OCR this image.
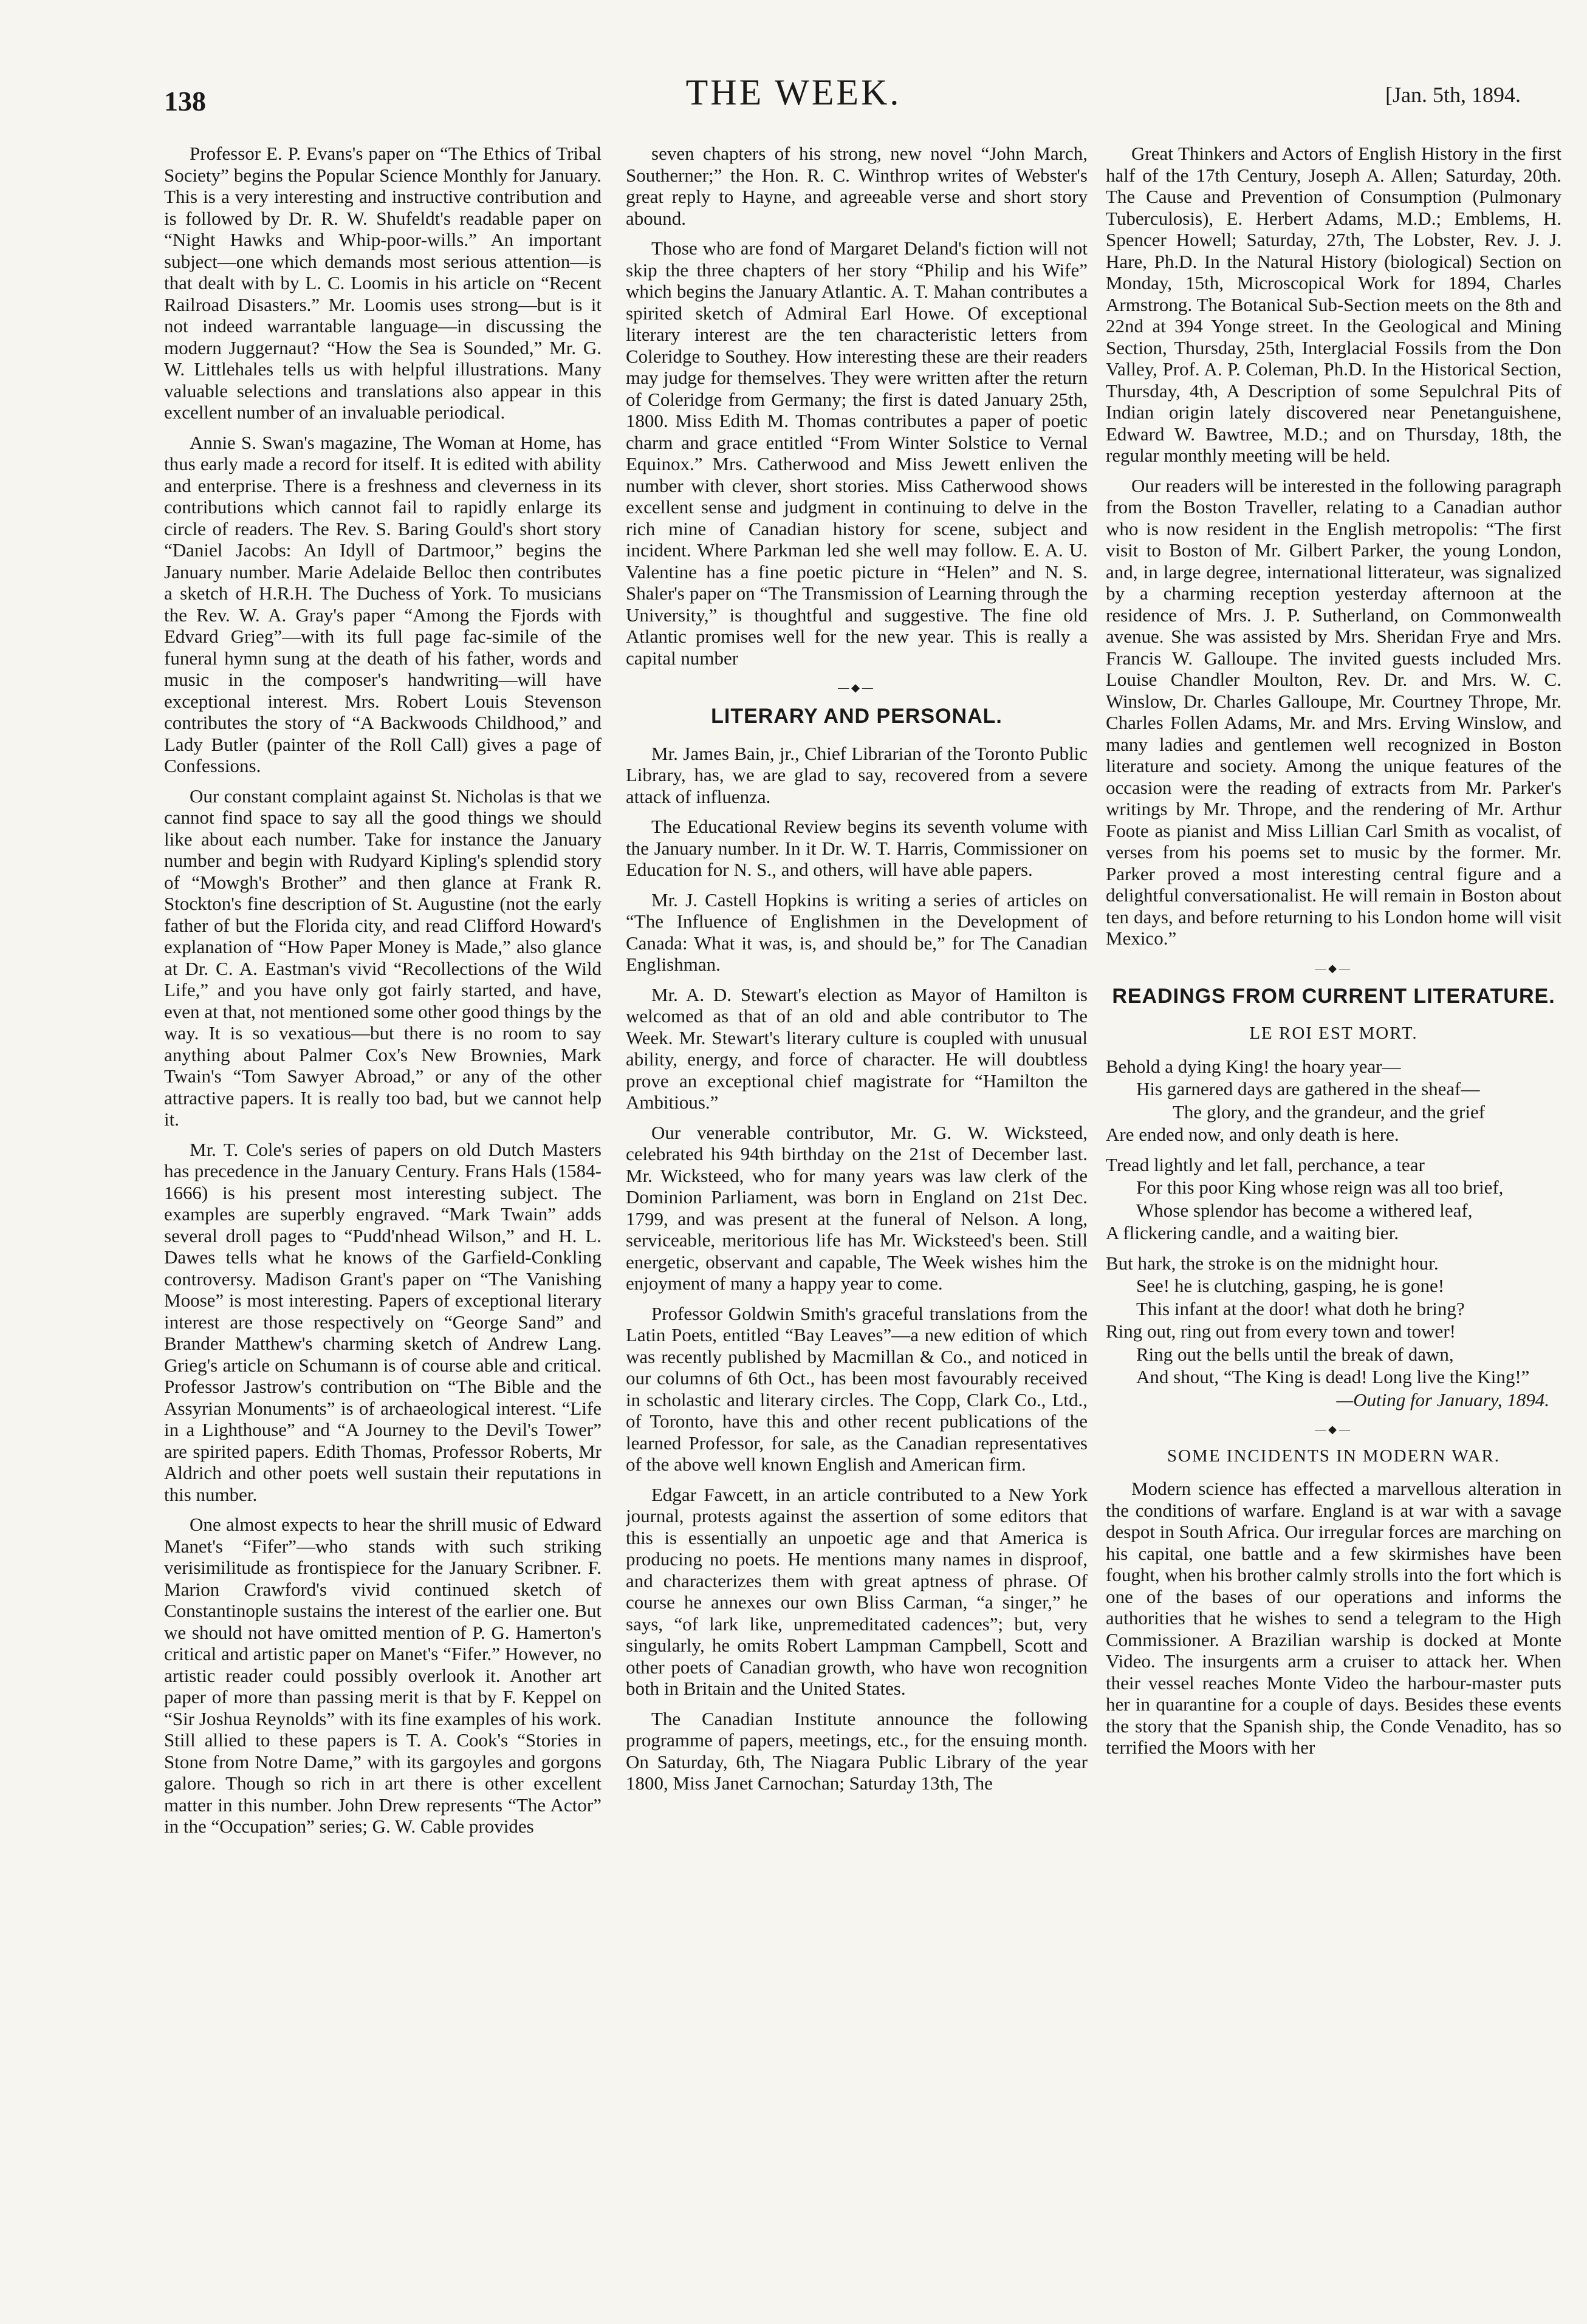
138	THE WEEK.	[Jan. 5th, 1894.

Professor E. P. Evans's paper on “The Ethics of Tribal Society” begins the Popular Science Monthly for January. This is a very interesting and instructive contribution and is followed by Dr. R. W. Shufeldt's readable paper on “Night Hawks and Whip-poor-wills.” An important subject—one which demands most serious attention—is that dealt with by L. C. Loomis in his article on “Recent Railroad Disasters.” Mr. Loomis uses strong—but is it not indeed warrantable language—in discussing the modern Juggernaut? “How the Sea is Sounded,” Mr. G. W. Littlehales tells us with helpful illustrations. Many valuable selections and translations also appear in this excellent number of an invaluable periodical.

Annie S. Swan's magazine, The Woman at Home, has thus early made a record for itself. It is edited with ability and enterprise. There is a freshness and cleverness in its contributions which cannot fail to rapidly enlarge its circle of readers. The Rev. S. Baring Gould's short story “Daniel Jacobs: An Idyll of Dartmoor,” begins the January number. Marie Adelaide Belloc then contributes a sketch of H.R.H. The Duchess of York. To musicians the Rev. W. A. Gray's paper “Among the Fjords with Edvard Grieg”—with its full page fac-simile of the funeral hymn sung at the death of his father, words and music in the composer's handwriting—will have exceptional interest. Mrs. Robert Louis Stevenson contributes the story of “A Backwoods Childhood,” and Lady Butler (painter of the Roll Call) gives a page of Confessions.

Our constant complaint against St. Nicholas is that we cannot find space to say all the good things we should like about each number. Take for instance the January number and begin with Rudyard Kipling's splendid story of “Mowgh's Brother” and then glance at Frank R. Stockton's fine description of St. Augustine (not the early father of but the Florida city, and read Clifford Howard's explanation of “How Paper Money is Made,” also glance at Dr. C. A. Eastman's vivid “Recollections of the Wild Life,” and you have only got fairly started, and have, even at that, not mentioned some other good things by the way. It is so vexatious—but there is no room to say anything about Palmer Cox's New Brownies, Mark Twain's “Tom Sawyer Abroad,” or any of the other attractive papers. It is really too bad, but we cannot help it.

Mr. T. Cole's series of papers on old Dutch Masters has precedence in the January Century. Frans Hals (1584-1666) is his present most interesting subject. The examples are superbly engraved. “Mark Twain” adds several droll pages to “Pudd'nhead Wilson,” and H. L. Dawes tells what he knows of the Garfield-Conkling controversy. Madison Grant's paper on “The Vanishing Moose” is most interesting. Papers of exceptional literary interest are those respectively on “George Sand” and Brander Matthew's charming sketch of Andrew Lang. Grieg's article on Schumann is of course able and critical. Professor Jastrow's contribution on “The Bible and the Assyrian Monuments” is of archaeological interest. “Life in a Lighthouse” and “A Journey to the Devil's Tower” are spirited papers. Edith Thomas, Professor Roberts, Mr Aldrich and other poets well sustain their reputations in this number.

One almost expects to hear the shrill music of Edward Manet's “Fifer”—who stands with such striking verisimilitude as frontispiece for the January Scribner. F. Marion Crawford's vivid continued sketch of Constantinople sustains the interest of the earlier one. But we should not have omitted mention of P. G. Hamerton's critical and artistic paper on Manet's “Fifer.” However, no artistic reader could possibly overlook it. Another art paper of more than passing merit is that by F. Keppel on “Sir Joshua Reynolds” with its fine examples of his work. Still allied to these papers is T. A. Cook's “Stories in Stone from Notre Dame,” with its gargoyles and gorgons galore. Though so rich in art there is other excellent matter in this number. John Drew represents “The Actor” in the “Occupation” series; G. W. Cable provides

seven chapters of his strong, new novel “John March, Southerner;” the Hon. R. C. Winthrop writes of Webster's great reply to Hayne, and agreeable verse and short story abound.

Those who are fond of Margaret Deland's fiction will not skip the three chapters of her story “Philip and his Wife” which begins the January Atlantic. A. T. Mahan contributes a spirited sketch of Admiral Earl Howe. Of exceptional literary interest are the ten characteristic letters from Coleridge to Southey. How interesting these are their readers may judge for themselves. They were written after the return of Coleridge from Germany; the first is dated January 25th, 1800. Miss Edith M. Thomas contributes a paper of poetic charm and grace entitled “From Winter Solstice to Vernal Equinox.” Mrs. Catherwood and Miss Jewett enliven the number with clever, short stories. Miss Catherwood shows excellent sense and judgment in continuing to delve in the rich mine of Canadian history for scene, subject and incident. Where Parkman led she well may follow. E. A. U. Valentine has a fine poetic picture in “Helen” and N. S. Shaler's paper on “The Transmission of Learning through the University,” is thoughtful and suggestive. The fine old Atlantic promises well for the new year. This is really a capital number

—◆—
LITERARY AND PERSONAL.

Mr. James Bain, jr., Chief Librarian of the Toronto Public Library, has, we are glad to say, recovered from a severe attack of influenza.

The Educational Review begins its seventh volume with the January number. In it Dr. W. T. Harris, Commissioner on Education for N. S., and others, will have able papers.

Mr. J. Castell Hopkins is writing a series of articles on “The Influence of Englishmen in the Development of Canada: What it was, is, and should be,” for The Canadian Englishman.

Mr. A. D. Stewart's election as Mayor of Hamilton is welcomed as that of an old and able contributor to The Week. Mr. Stewart's literary culture is coupled with unusual ability, energy, and force of character. He will doubtless prove an exceptional chief magistrate for “Hamilton the Ambitious.”

Our venerable contributor, Mr. G. W. Wicksteed, celebrated his 94th birthday on the 21st of December last. Mr. Wicksteed, who for many years was law clerk of the Dominion Parliament, was born in England on 21st Dec. 1799, and was present at the funeral of Nelson. A long, serviceable, meritorious life has Mr. Wicksteed's been. Still energetic, observant and capable, The Week wishes him the enjoyment of many a happy year to come.

Professor Goldwin Smith's graceful translations from the Latin Poets, entitled “Bay Leaves”—a new edition of which was recently published by Macmillan & Co., and noticed in our columns of 6th Oct., has been most favourably received in scholastic and literary circles. The Copp, Clark Co., Ltd., of Toronto, have this and other recent publications of the learned Professor, for sale, as the Canadian representatives of the above well known English and American firm.

Edgar Fawcett, in an article contributed to a New York journal, protests against the assertion of some editors that this is essentially an unpoetic age and that America is producing no poets. He mentions many names in disproof, and characterizes them with great aptness of phrase. Of course he annexes our own Bliss Carman, “a singer,” he says, “of lark like, unpremeditated cadences”; but, very singularly, he omits Robert Lampman Campbell, Scott and other poets of Canadian growth, who have won recognition both in Britain and the United States.

The Canadian Institute announce the following programme of papers, meetings, etc., for the ensuing month. On Saturday, 6th, The Niagara Public Library of the year 1800, Miss Janet Carnochan; Saturday 13th, The

Great Thinkers and Actors of English History in the first half of the 17th Century, Joseph A. Allen; Saturday, 20th. The Cause and Prevention of Consumption (Pulmonary Tuberculosis), E. Herbert Adams, M.D.; Emblems, H. Spencer Howell; Saturday, 27th, The Lobster, Rev. J. J. Hare, Ph.D. In the Natural History (biological) Section on Monday, 15th, Microscopical Work for 1894, Charles Armstrong. The Botanical Sub-Section meets on the 8th and 22nd at 394 Yonge street. In the Geological and Mining Section, Thursday, 25th, Interglacial Fossils from the Don Valley, Prof. A. P. Coleman, Ph.D. In the Historical Section, Thursday, 4th, A Description of some Sepulchral Pits of Indian origin lately discovered near Penetanguishene, Edward W. Bawtree, M.D.; and on Thursday, 18th, the regular monthly meeting will be held.

Our readers will be interested in the following paragraph from the Boston Traveller, relating to a Canadian author who is now resident in the English metropolis: “The first visit to Boston of Mr. Gilbert Parker, the young London, and, in large degree, international litterateur, was signalized by a charming reception yesterday afternoon at the residence of Mrs. J. P. Sutherland, on Commonwealth avenue. She was assisted by Mrs. Sheridan Frye and Mrs. Francis W. Galloupe. The invited guests included Mrs. Louise Chandler Moulton, Rev. Dr. and Mrs. W. C. Winslow, Dr. Charles Galloupe, Mr. Courtney Thrope, Mr. Charles Follen Adams, Mr. and Mrs. Erving Winslow, and many ladies and gentlemen well recognized in Boston literature and society. Among the unique features of the occasion were the reading of extracts from Mr. Parker's writings by Mr. Thrope, and the rendering of Mr. Arthur Foote as pianist and Miss Lillian Carl Smith as vocalist, of verses from his poems set to music by the former. Mr. Parker proved a most interesting central figure and a delightful conversationalist. He will remain in Boston about ten days, and before returning to his London home will visit Mexico.”

—◆—
READINGS FROM CURRENT LITERATURE.
LE ROI EST MORT.

Behold a dying King! the hoary year—

His garnered days are gathered in the sheaf—

The glory, and the grandeur, and the grief

Are ended now, and only death is here.

Tread lightly and let fall, perchance, a tear

For this poor King whose reign was all too brief,

Whose splendor has become a withered leaf,

A flickering candle, and a waiting bier.

But hark, the stroke is on the midnight hour.

See! he is clutching, gasping, he is gone!

This infant at the door! what doth he bring?

Ring out, ring out from every town and tower!

Ring out the bells until the break of dawn,

And shout, “The King is dead! Long live the King!”

—Outing for January, 1894.

—◆—
SOME INCIDENTS IN MODERN WAR.

Modern science has effected a marvellous alteration in the conditions of warfare. England is at war with a savage despot in South Africa. Our irregular forces are marching on his capital, one battle and a few skirmishes have been fought, when his brother calmly strolls into the fort which is one of the bases of our operations and informs the authorities that he wishes to send a telegram to the High Commissioner. A Brazilian warship is docked at Monte Video. The insurgents arm a cruiser to attack her. When their vessel reaches Monte Video the harbour-master puts her in quarantine for a couple of days. Besides these events the story that the Spanish ship, the Conde Venadito, has so terrified the Moors with her
